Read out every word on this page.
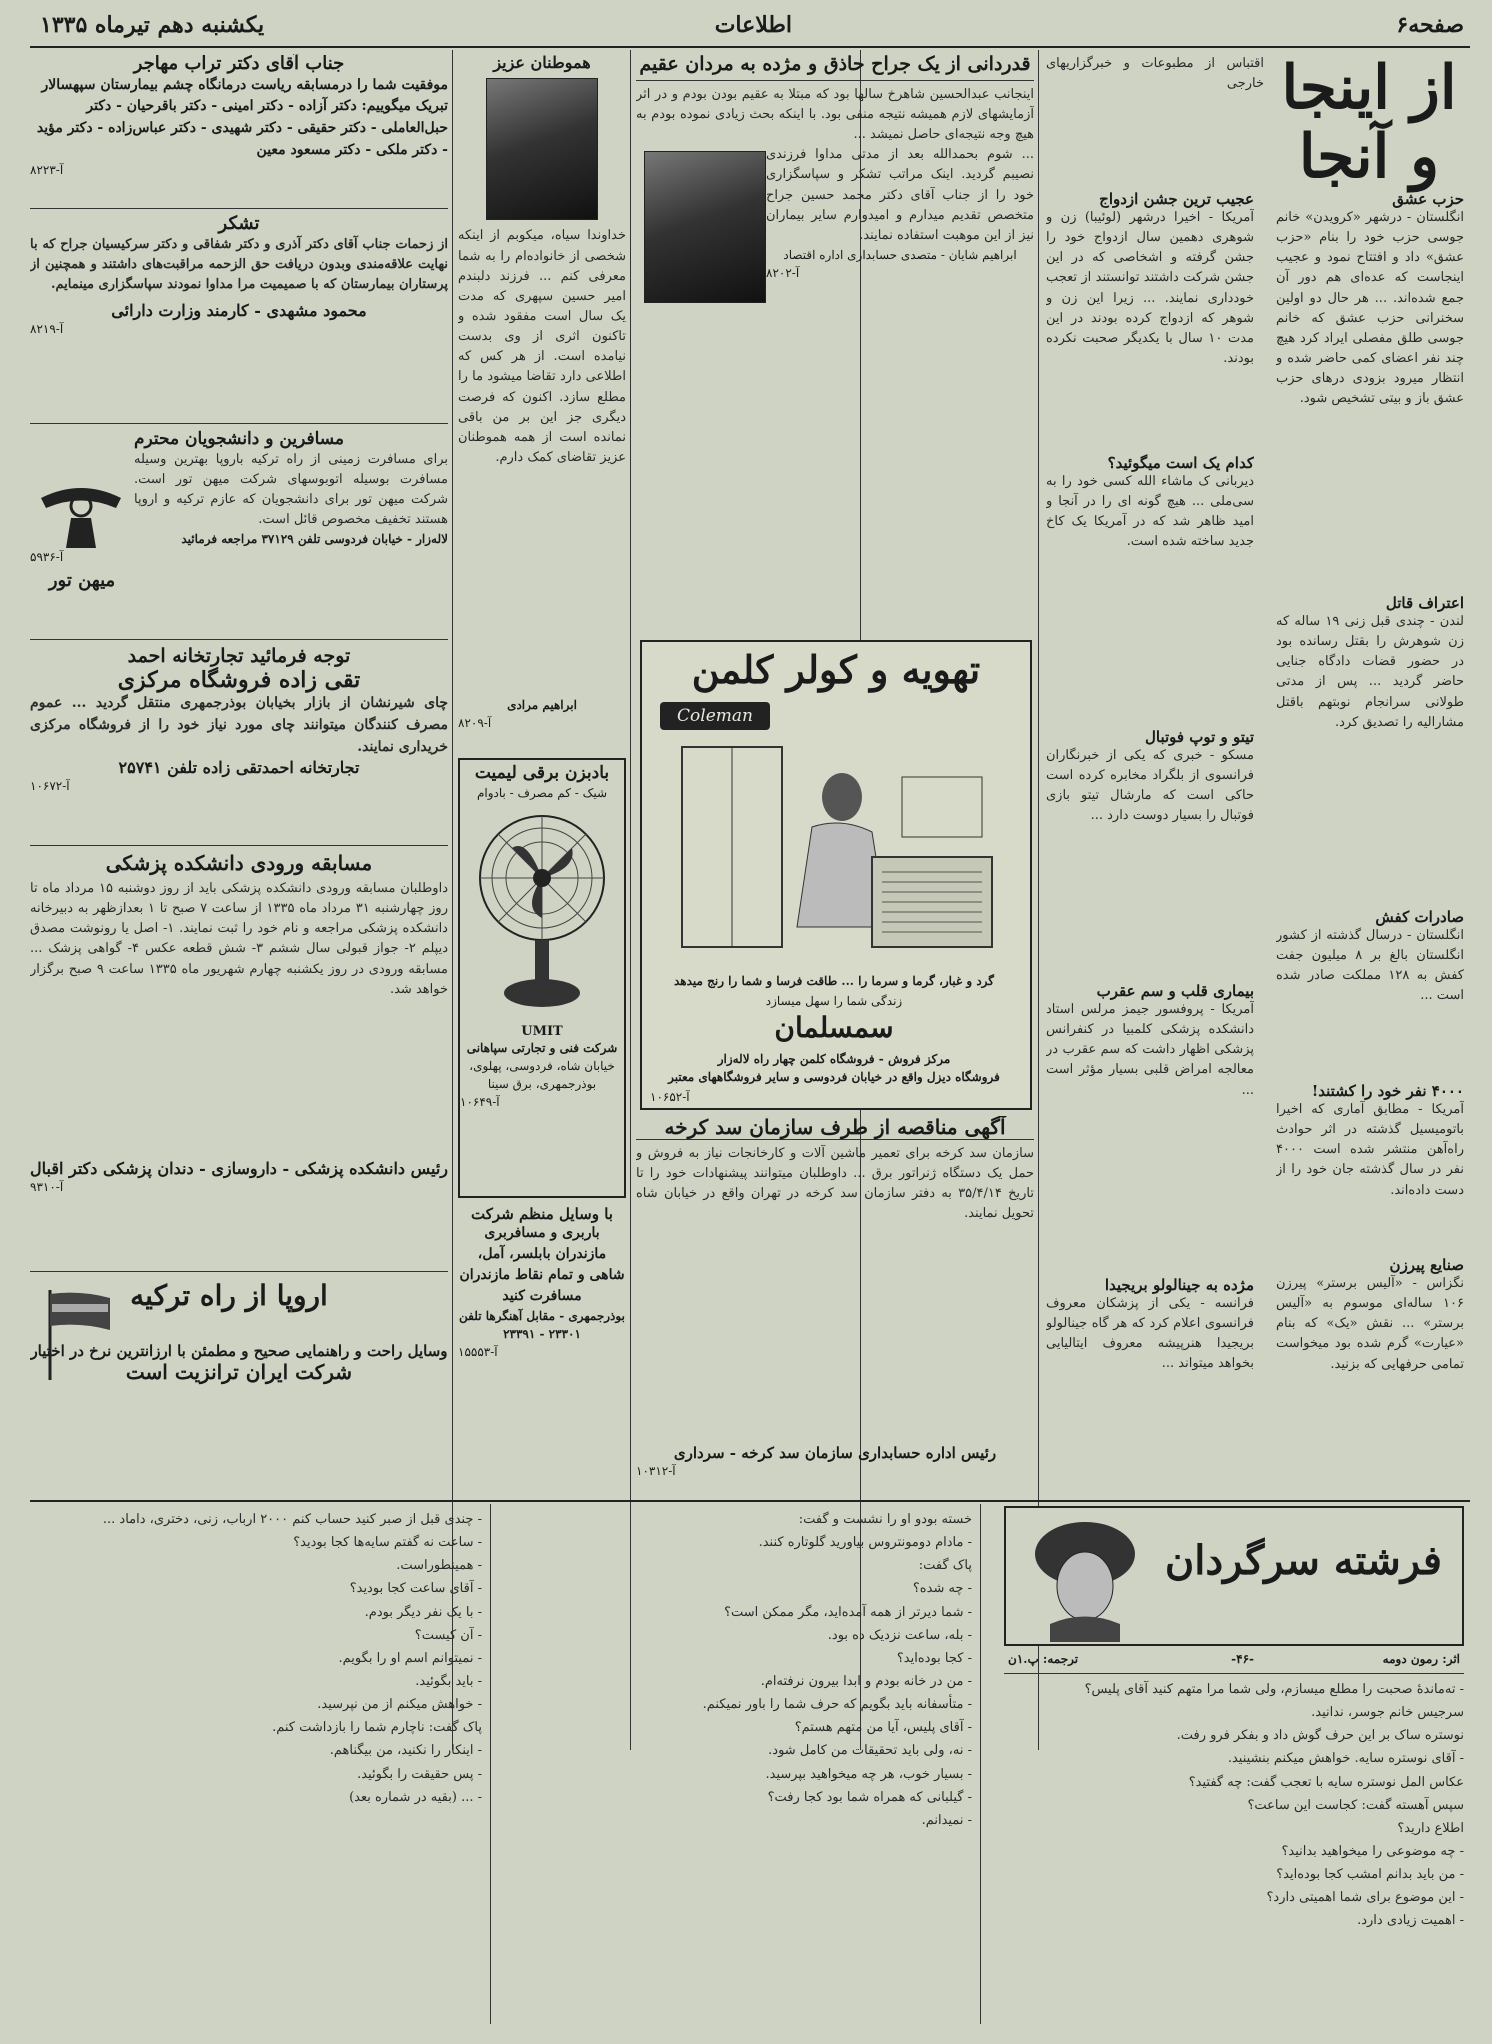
صفحه۶
اطلاعات
یکشنبه دهم تیرماه ۱۳۳۵
از اینجا و آنجا
اقتباس از مطبوعات و خبرگزاریهای خارجی
حزب عشق
انگلستان - درشهر «کرویدن» خانم جوسی حزب خود را بنام «حزب عشق» داد و افتتاح نمود و عجیب اینجاست که عده‌ای هم دور آن جمع شده‌اند. ... هر حال دو اولین سخنرانی حزب عشق که خانم جوسی طلق مفصلی ایراد کرد هیچ چند نفر اعضای کمی حاضر شده و انتظار میرود بزودی درهای حزب عشق باز و بیتی تشخیص شود.
اعتراف قاتل
لندن - چندی قبل زنی ۱۹ ساله که زن شوهرش را بقتل رسانده بود در حضور قضات دادگاه جنایی حاضر گردید ... پس از مدتی طولانی سرانجام نوبتهم باقتل مشارالیه را تصدیق کرد.
صادرات کفش
انگلستان - درسال گذشته از کشور انگلستان بالغ بر ۸ میلیون جفت کفش به ۱۲۸ مملکت صادر شده است ...
۴۰۰۰ نفر خود را کشتند!
آمریکا - مطابق آماری که اخیرا باتومیسیل گذشته در اثر حوادث راه‌آهن منتشر شده است ۴۰۰۰ نفر در سال گذشته جان خود را از دست داده‌اند.
صنایع پیرزن
نگزاس - «آلیس برستر» پیرزن ۱۰۶ ساله‌ای موسوم به «آلیس برستر» ... نقش «یک» که بنام «عیارت» گرم شده بود میخواست تمامی حرفهایی که بزنید.
عجیب ترین جشن ازدواج
آمریکا - اخیرا درشهر (لوئیبا) زن و شوهری دهمین سال ازدواج خود را جشن گرفته و اشخاصی که در این جشن شرکت داشتند توانستند از تعجب خودداری نمایند. ... زیرا این زن و شوهر که ازدواج کرده بودند در این مدت ۱۰ سال با یکدیگر صحبت نکرده بودند.
کدام یک است میگوئید؟
دیربانی ک ماشاء الله کسی خود را به سی‌ملی ... هیچ گونه ای را در آنجا و امید ظاهر شد که در آمریکا یک کاخ جدید ساخته شده است.
تیتو و توپ فوتبال
مسکو - خبری که یکی از خبرنگاران فرانسوی از بلگراد مخابره کرده است حاکی است که مارشال تیتو بازی فوتبال را بسیار دوست دارد ...
بیماری قلب و سم عقرب
آمریکا - پروفسور جیمز مرلس استاد دانشکده پزشکی کلمبیا در کنفرانس پزشکی اظهار داشت که سم عقرب در معالجه امراض قلبی بسیار مؤثر است ...
مژده به جینالولو بریجیدا
فرانسه - یکی از پزشکان معروف فرانسوی اعلام کرد که هر گاه جینالولو بریجیدا هنرپیشه معروف ایتالیایی بخواهد میتواند ...
قدردانی از یک جراح حاذق و مژده به مردان عقیم
اینجانب عبدالحسین شاهرخ سالها بود که مبتلا به عقیم بودن بودم و در اثر آزمایشهای لازم همیشه نتیجه منفی بود. با اینکه بحث زیادی نموده بودم به هیچ وجه نتیجه‌ای حاصل نمیشد ...
... شوم بحمدالله بعد از مدتی مداوا فرزندی نصیبم گردید. اینک مراتب تشکر و سپاسگزاری خود را از جناب آقای دکتر محمد حسین جراح متخصص تقدیم میدارم و امیدوارم سایر بیماران نیز از این موهبت استفاده نمایند.
ابراهیم شایان - متصدی حسابداری اداره اقتصاد
آ-۸۲۰۲
تهویه و کولر کلمن
Coleman
گرد و غبار، گرما و سرما را ... طاقت فرسا و شما را رنج میدهد
زندگی شما را سهل میسازد
سمسلمان
مرکز فروش - فروشگاه کلمن چهار راه لاله‌زار
فروشگاه دیزل واقع در خیابان فردوسی و سایر فروشگاههای معتبر
آ-۱۰۶۵۲
آگهی مناقصه از طرف سازمان سد کرخه
سازمان سد کرخه برای تعمیر ماشین آلات و کارخانجات نیاز به فروش و حمل یک دستگاه ژنراتور برق ... داوطلبان میتوانند پیشنهادات خود را تا تاریخ ۳۵/۴/۱۴ به دفتر سازمان سد کرخه در تهران واقع در خیابان شاه تحویل نمایند.
رئیس اداره حسابداری سازمان سد کرخه - سرداری
آ-۱۰۳۱۲
هموطنان عزیز
خداوندا سیاه، میکوبم از اینکه شخصی از خانواده‌ام را به شما معرفی کنم ... فرزند دلبندم امیر حسین سپهری که مدت یک سال است مفقود شده و تاکنون اثری از وی بدست نیامده است. از هر کس که اطلاعی دارد تقاضا میشود ما را مطلع سازد. اکنون که فرصت دیگری جز این بر من باقی نمانده است از همه هموطنان عزیز تقاضای کمک دارم.
ابراهیم مرادی
آ-۸۲۰۹
بادبزن برقی لیمیت
شیک - کم مصرف - بادوام
UMIT
شرکت فنی و تجارتی سپاهانی
خیابان شاه، فردوسی، پهلوی، بوذرجمهری، برق سینا
آ-۱۰۶۴۹
با وسایل منظم شرکت
باربری و مسافربری مازندران بابلسر، آمل، شاهی و تمام نقاط مازندران مسافرت کنید
بوذرجمهری - مقابل آهنگرها تلفن ۲۳۳۰۱ - ۲۳۳۹۱
آ-۱۵۵۵۳
جناب آقای دکتر تراب مهاجر
موفقیت شما را درمسابقه ریاست درمانگاه چشم بیمارستان سپهسالار تبریک میگوییم: دکتر آزاده - دکتر امینی - دکتر باقرحیان - دکتر حبل‌العاملی - دکتر حقیقی - دکتر شهیدی - دکتر عباس‌زاده - دکتر مؤید - دکتر ملکی - دکتر مسعود معین
آ-۸۲۲۳
تشکر
از زحمات جناب آقای دکتر آذری و دکتر شفاقی و دکتر سرکیسیان جراح که با نهایت علاقه‌مندی وبدون دریافت حق الزحمه مراقبت‌های داشتند و همچنین از پرستاران بیمارستان که با صمیمیت مرا مداوا نمودند سپاسگزاری مینمایم.
محمود مشهدی - کارمند وزارت دارائی
آ-۸۲۱۹
مسافرین و دانشجویان محترم
میهن تور
برای مسافرت زمینی از راه ترکیه باروپا بهترین وسیله مسافرت بوسیله اتوبوسهای شرکت میهن تور است. شرکت میهن تور برای دانشجویان که عازم ترکیه و اروپا هستند تخفیف مخصوص قائل است.
لاله‌زار - خیابان فردوسی تلفن ۳۷۱۲۹ مراجعه فرمائید
آ-۵۹۳۶
توجه فرمائید تجارتخانه احمد
تقی زاده فروشگاه مرکزی
چای شیرنشان از بازار بخیابان بوذرجمهری منتقل گردید ... عموم مصرف کنندگان میتوانند چای مورد نیاز خود را از فروشگاه مرکزی خریداری نمایند.
تجارتخانه احمدتقی زاده تلفن ۲۵۷۴۱
آ-۱۰۶۷۲
مسابقه ورودی دانشکده پزشکی
داوطلبان مسابقه ورودی دانشکده پزشکی باید از روز دوشنبه ۱۵ مرداد ماه تا روز چهارشنبه ۳۱ مرداد ماه ۱۳۳۵ از ساعت ۷ صبح تا ۱ بعدازظهر به دبیرخانه دانشکده پزشکی مراجعه و نام خود را ثبت نمایند. ۱- اصل یا رونوشت مصدق دیپلم ۲- جواز قبولی سال ششم ۳- شش قطعه عکس ۴- گواهی پزشک ... مسابقه ورودی در روز یکشنبه چهارم شهریور ماه ۱۳۳۵ ساعت ۹ صبح برگزار خواهد شد.
رئیس دانشکده پزشکی - داروسازی - دندان پزشکی دکتر اقبال
آ-۹۳۱۰
اروپا از راه ترکیه
وسایل راحت و راهنمایی صحیح و مطمئن با ارزانترین نرخ در اختیار
شرکت ایران ترانزیت است
فرشته سرگردان
اثر: رمون دومه
-۴۶-
ترجمه: پ.۱ن

- ته‌ماندهٔ صحبت را مطلع میسازم، ولی شما مرا متهم کنید آقای پلیس؟

سرجیس خانم جوسر، ندانید.

نوستره ساک بر این حرف گوش داد و بفکر فرو رفت.

- آقای نوستره سایه. خواهش میکنم بنشینید.

عکاس المل نوستره سایه با تعجب گفت: چه گفتید؟

سپس آهسته گفت: کجاست این ساعت؟

اطلاع دارید؟

- چه موضوعی را میخواهید بدانید؟

- من باید بدانم امشب کجا بوده‌اید؟

- این موضوع برای شما اهمیتی دارد؟

- اهمیت زیادی دارد.

خسته بودو او را نشست و گفت:

- مادام دومونتروس بیاورید گلوتاره کنند.

پاک گفت:

- چه شده؟

- شما دیرتر از همه آمده‌اید، مگر ممکن است؟

- بله، ساعت نزدیک ده بود.

- کجا بوده‌اید؟

- من در خانه بودم و ابدا بیرون نرفته‌ام.

- متأسفانه باید بگویم که حرف شما را باور نمیکنم.

- آقای پلیس، آیا من متهم هستم؟

- نه، ولی باید تحقیقات من کامل شود.

- بسیار خوب، هر چه میخواهید بپرسید.

- گیلبانی که همراه شما بود کجا رفت؟

- نمیدانم.

- چندی قبل از صبر کنید حساب کنم ۲۰۰۰ ارباب، زنی، دختری، داماد ...

- ساعت نه گفتم سایه‌ها کجا بودید؟

- همینطوراست.

- آقای ساعت کجا بودید؟

- با یک نفر دیگر بودم.

- آن کیست؟

- نمیتوانم اسم او را بگویم.

- باید بگوئید.

- خواهش میکنم از من نپرسید.

پاک گفت: ناچارم شما را بازداشت کنم.

- اینکار را نکنید، من بیگناهم.

- پس حقیقت را بگوئید.

- ... (بقیه در شماره بعد)
